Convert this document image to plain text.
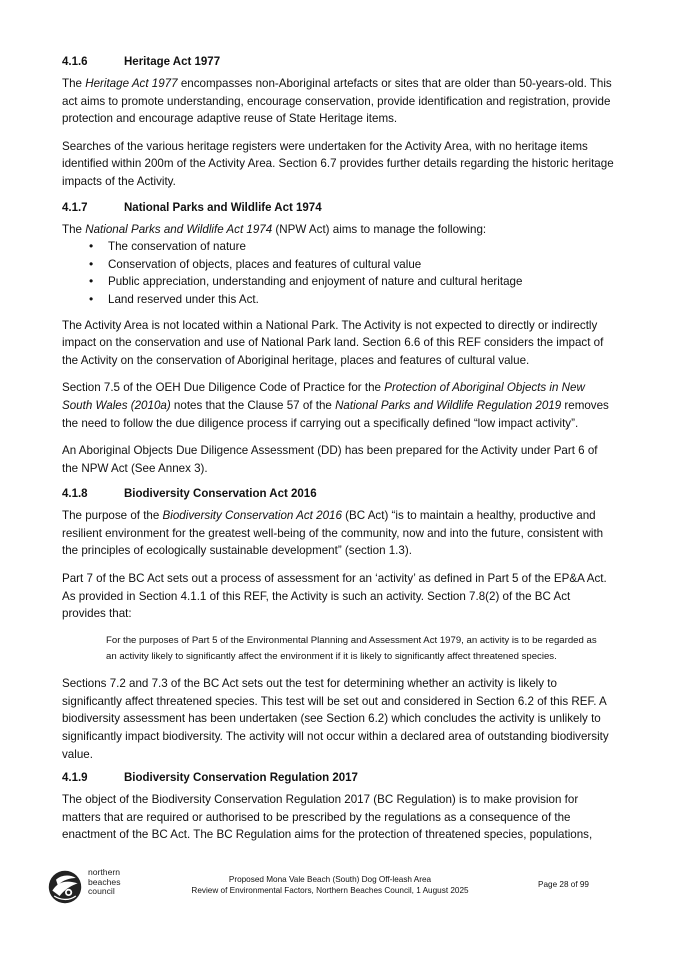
4.1.6	Heritage Act 1977

The Heritage Act 1977 encompasses non-Aboriginal artefacts or sites that are older than 50-years-old. This act aims to promote understanding, encourage conservation, provide identification and registration, provide protection and encourage adaptive reuse of State Heritage items.

Searches of the various heritage registers were undertaken for the Activity Area, with no heritage items identified within 200m of the Activity Area. Section 6.7 provides further details regarding the historic heritage impacts of the Activity.

4.1.7	National Parks and Wildlife Act 1974

The National Parks and Wildlife Act 1974 (NPW Act) aims to manage the following:

• The conservation of nature
• Conservation of objects, places and features of cultural value
• Public appreciation, understanding and enjoyment of nature and cultural heritage
• Land reserved under this Act.

The Activity Area is not located within a National Park. The Activity is not expected to directly or indirectly impact on the conservation and use of National Park land. Section 6.6 of this REF considers the impact of the Activity on the conservation of Aboriginal heritage, places and features of cultural value.

Section 7.5 of the OEH Due Diligence Code of Practice for the Protection of Aboriginal Objects in New South Wales (2010a) notes that the Clause 57 of the National Parks and Wildlife Regulation 2019 removes the need to follow the due diligence process if carrying out a specifically defined “low impact activity”.

An Aboriginal Objects Due Diligence Assessment (DD) has been prepared for the Activity under Part 6 of the NPW Act (See Annex 3).

4.1.8	Biodiversity Conservation Act 2016

The purpose of the Biodiversity Conservation Act 2016 (BC Act) “is to maintain a healthy, productive and resilient environment for the greatest well-being of the community, now and into the future, consistent with the principles of ecologically sustainable development” (section 1.3).

Part 7 of the BC Act sets out a process of assessment for an ‘activity’ as defined in Part 5 of the EP&A Act. As provided in Section 4.1.1 of this REF, the Activity is such an activity. Section 7.8(2) of the BC Act provides that:

For the purposes of Part 5 of the Environmental Planning and Assessment Act 1979, an activity is to be regarded as an activity likely to significantly affect the environment if it is likely to significantly affect threatened species.

Sections 7.2 and 7.3 of the BC Act sets out the test for determining whether an activity is likely to significantly affect threatened species. This test will be set out and considered in Section 6.2 of this REF. A biodiversity assessment has been undertaken (see Section 6.2) which concludes the activity is unlikely to significantly impact biodiversity. The activity will not occur within a declared area of outstanding biodiversity value.

4.1.9	Biodiversity Conservation Regulation 2017

The object of the Biodiversity Conservation Regulation 2017 (BC Regulation) is to make provision for matters that are required or authorised to be prescribed by the regulations as a consequence of the enactment of the BC Act. The BC Regulation aims for the protection of threatened species, populations,

northern
beaches
council
Proposed Mona Vale Beach (South) Dog Off-leash Area
Review of Environmental Factors, Northern Beaches Council, 1 August 2025
Page 28 of 99
